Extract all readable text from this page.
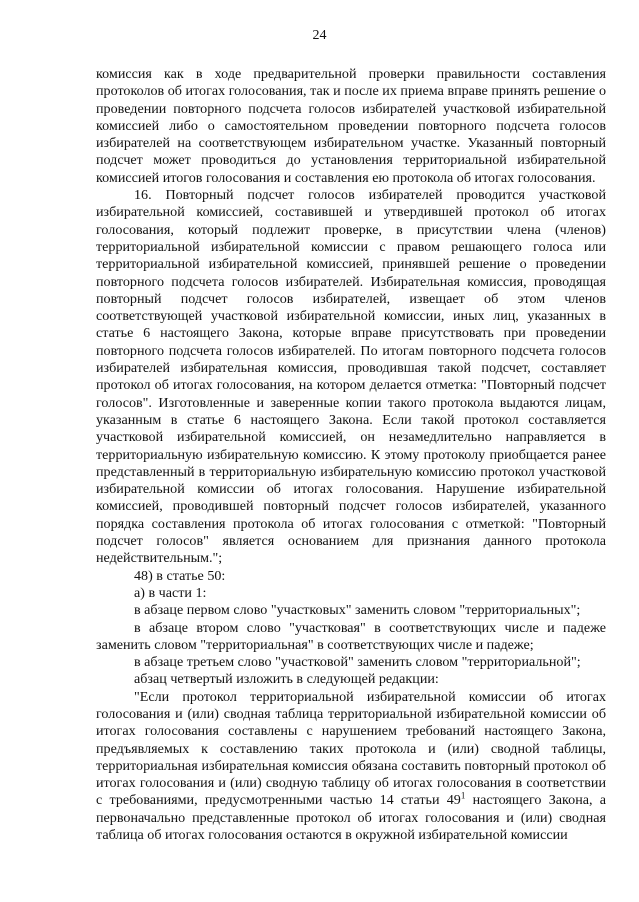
24

комиссия как в ходе предварительной проверки правильности составления протоколов об итогах голосования, так и после их приема вправе принять решение о проведении повторного подсчета голосов избирателей участковой избирательной комиссией либо о самостоятельном проведении повторного подсчета голосов избирателей на соответствующем избирательном участке. Указанный повторный подсчет может проводиться до установления территориальной избирательной комиссией итогов голосования и составления ею протокола об итогах голосования.

16. Повторный подсчет голосов избирателей проводится участковой избирательной комиссией, составившей и утвердившей протокол об итогах голосования, который подлежит проверке, в присутствии члена (членов) территориальной избирательной комиссии с правом решающего голоса или территориальной избирательной комиссией, принявшей решение о проведении повторного подсчета голосов избирателей. Избирательная комиссия, проводящая повторный подсчет голосов избирателей, извещает об этом членов соответствующей участковой избирательной комиссии, иных лиц, указанных в статье 6 настоящего Закона, которые вправе присутствовать при проведении повторного подсчета голосов избирателей. По итогам повторного подсчета голосов избирателей избирательная комиссия, проводившая такой подсчет, составляет протокол об итогах голосования, на котором делается отметка: "Повторный подсчет голосов". Изготовленные и заверенные копии такого протокола выдаются лицам, указанным в статье 6 настоящего Закона. Если такой протокол составляется участковой избирательной комиссией, он незамедлительно направляется в территориальную избирательную комиссию. К этому протоколу приобщается ранее представленный в территориальную избирательную комиссию протокол участковой избирательной комиссии об итогах голосования. Нарушение избирательной комиссией, проводившей повторный подсчет голосов избирателей, указанного порядка составления протокола об итогах голосования с отметкой: "Повторный подсчет голосов" является основанием для признания данного протокола недействительным.";

48) в статье 50:

а) в части 1:

в абзаце первом слово "участковых" заменить словом "территориальных";

в абзаце втором слово "участковая" в соответствующих числе и падеже заменить словом "территориальная" в соответствующих числе и падеже;

в абзаце третьем слово "участковой" заменить словом "территориальной";

абзац четвертый изложить в следующей редакции:

"Если протокол территориальной избирательной комиссии об итогах голосования и (или) сводная таблица территориальной избирательной комиссии об итогах голосования составлены с нарушением требований настоящего Закона, предъявляемых к составлению таких протокола и (или) сводной таблицы, территориальная избирательная комиссия обязана составить повторный протокол об итогах голосования и (или) сводную таблицу об итогах голосования в соответствии с требованиями, предусмотренными частью 14 статьи $49^1$ настоящего Закона, а первоначально представленные протокол об итогах голосования и (или) сводная таблица об итогах голосования остаются в окружной избирательной комиссии
